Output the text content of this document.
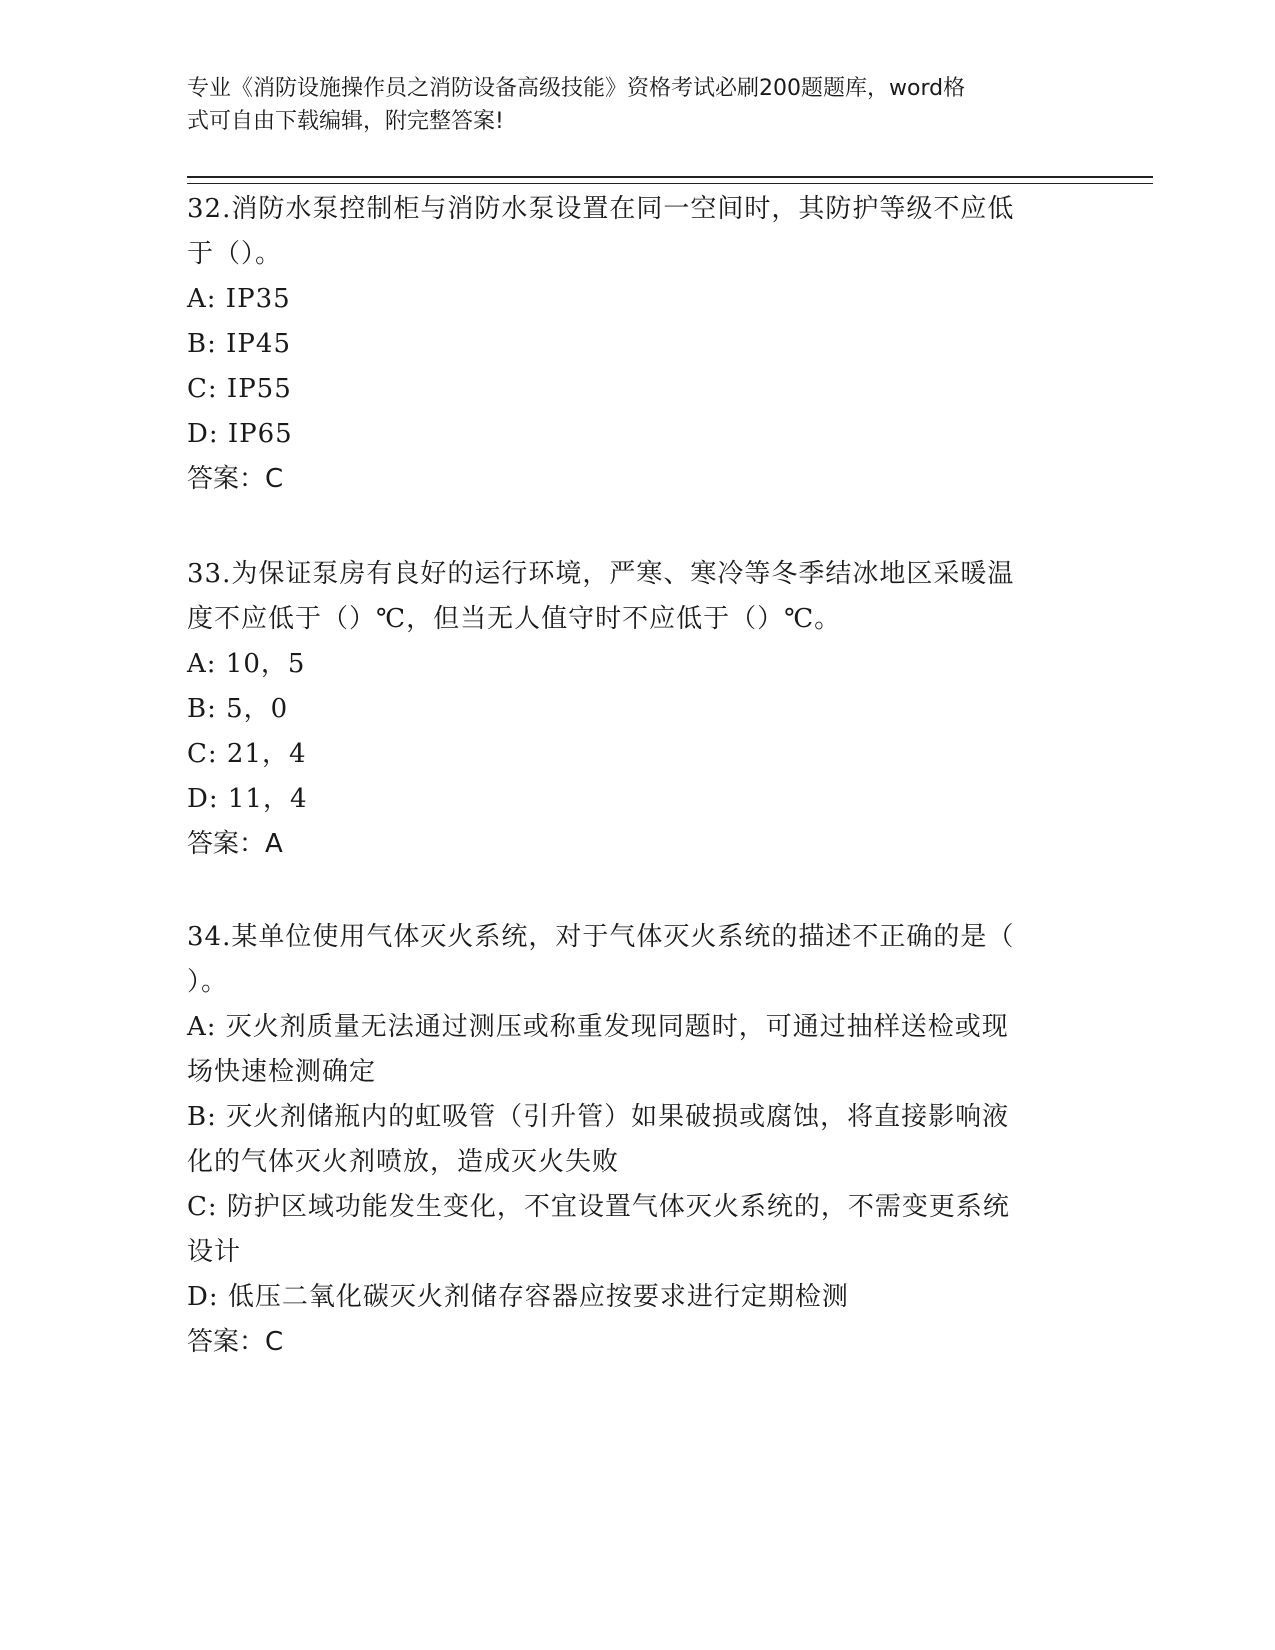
专业《消防设施操作员之消防设备高级技能》资格考试必刷200题题库，word格
式可自由下载编辑，附完整答案!
32.消防水泵控制柜与消防水泵设置在同一空间时，其防护等级不应低
于（）。
A: IP35
B: IP45
C: IP55
D: IP65
答案：C
33.为保证泵房有良好的运行环境，严寒、寒冷等冬季结冰地区采暖温
度不应低于（）℃，但当无人值守时不应低于（）℃。
A: 10，5
B: 5，0
C: 21，4
D: 11，4
答案：A
34.某单位使用气体灭火系统，对于气体灭火系统的描述不正确的是（
）。
A: 灭火剂质量无法通过测压或称重发现同题时，可通过抽样送检或现
场快速检测确定
B: 灭火剂储瓶内的虹吸管（引升管）如果破损或腐蚀，将直接影响液
化的气体灭火剂喷放，造成灭火失败
C: 防护区域功能发生变化，不宜设置气体灭火系统的，不需变更系统
设计
D: 低压二氧化碳灭火剂储存容器应按要求进行定期检测
答案：C
